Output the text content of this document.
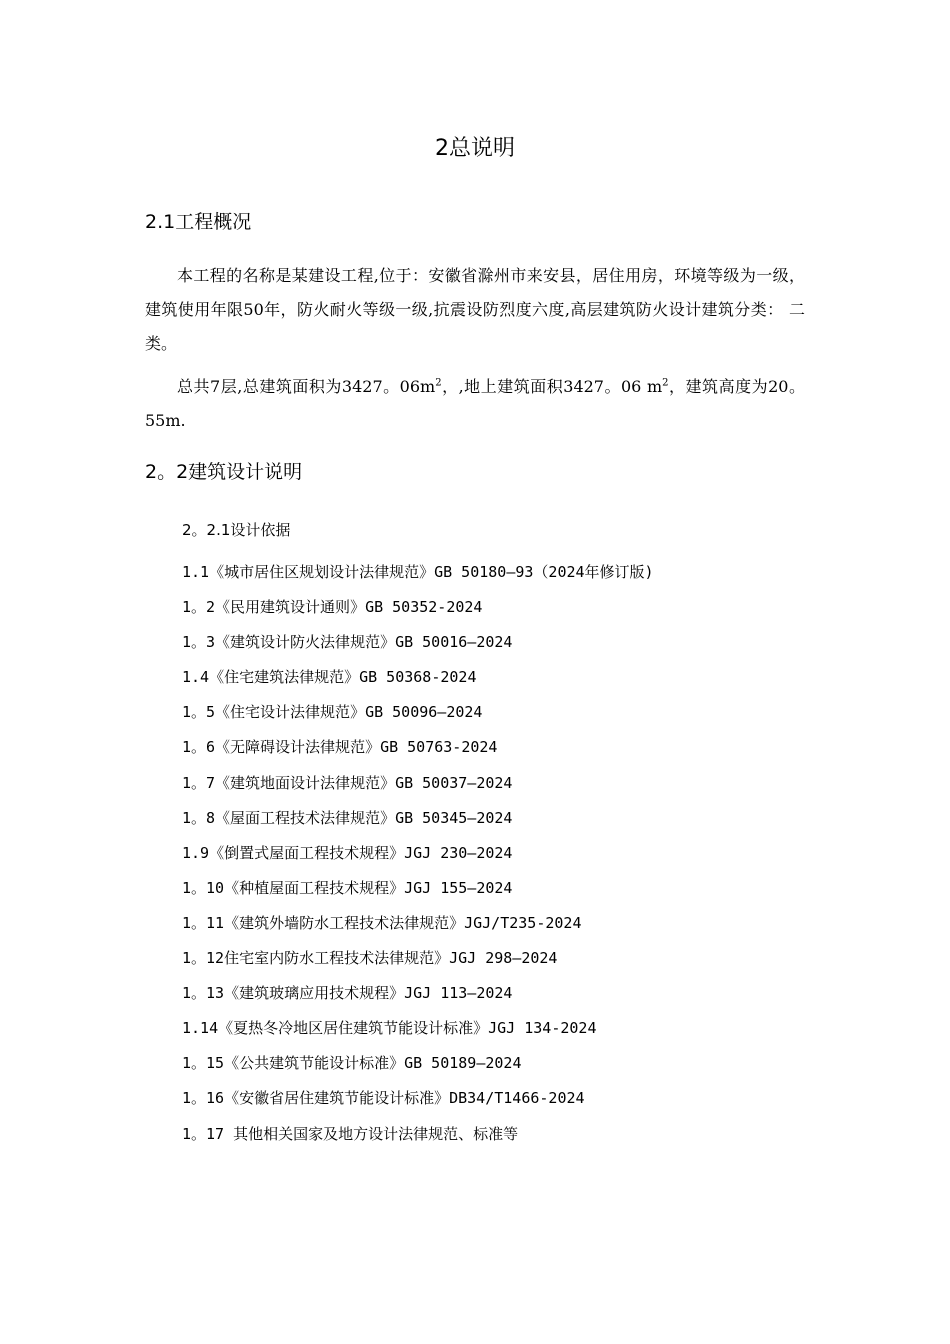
2总说明
2.1工程概况

本工程的名称是某建设工程,位于：安徽省滁州市来安县，居住用房，环境等级为一级，建筑使用年限50年，防火耐火等级一级,抗震设防烈度六度,高层建筑防火设计建筑分类： 二类。

总共7层,总建筑面积为3427。$06m^2$，,地上建筑面积3427。06 $m^2$，建筑高度为20。55m.

2。2建筑设计说明
2。2.1设计依据
1.1《城市居住区规划设计法律规范》GB 50180—93（2024年修订版)
1。2《民用建筑设计通则》GB 50352-2024
1。3《建筑设计防火法律规范》GB 50016—2024
1.4《住宅建筑法律规范》GB 50368-2024
1。5《住宅设计法律规范》GB 50096—2024
1。6《无障碍设计法律规范》GB 50763-2024
1。7《建筑地面设计法律规范》GB 50037—2024
1。8《屋面工程技术法律规范》GB 50345—2024
1.9《倒置式屋面工程技术规程》JGJ 230—2024
1。10《种植屋面工程技术规程》JGJ 155—2024
1。11《建筑外墙防水工程技术法律规范》JGJ/T235-2024
1。12住宅室内防水工程技术法律规范》JGJ 298—2024
1。13《建筑玻璃应用技术规程》JGJ 113—2024
1.14《夏热冬冷地区居住建筑节能设计标准》JGJ 134-2024
1。15《公共建筑节能设计标准》GB 50189—2024
1。16《安徽省居住建筑节能设计标准》DB34/T1466-2024
1。17 其他相关国家及地方设计法律规范、标准等
